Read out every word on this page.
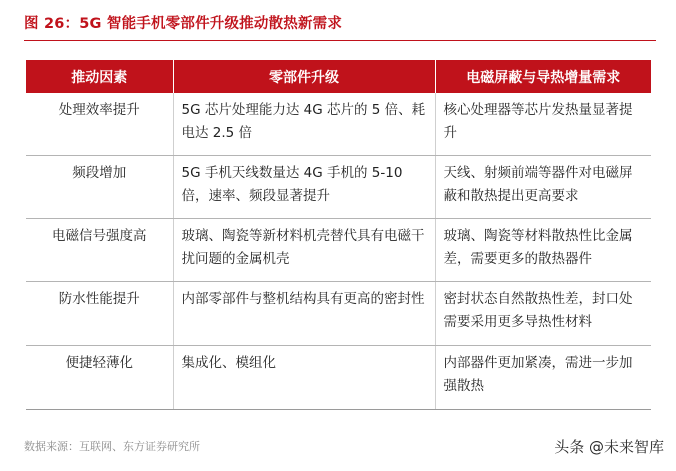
图 26：5G 智能手机零部件升级推动散热新需求
推动因素	零部件升级	电磁屏蔽与导热增量需求
处理效率提升	5G 芯片处理能力达 4G 芯片的 5 倍、耗电达 2.5 倍	核心处理器等芯片发热量显著提升
频段增加	5G 手机天线数量达 4G 手机的 5-10 倍，速率、频段显著提升	天线、射频前端等器件对电磁屏蔽和散热提出更高要求
电磁信号强度高	玻璃、陶瓷等新材料机壳替代具有电磁干扰问题的金属机壳	玻璃、陶瓷等材料散热性比金属差，需要更多的散热器件
防水性能提升	内部零部件与整机结构具有更高的密封性	密封状态自然散热性差，封口处需要采用更多导热性材料
便捷轻薄化	集成化、模组化	内部器件更加紧凑，需进一步加强散热
数据来源：互联网、东方证券研究所	头条 @未来智库
